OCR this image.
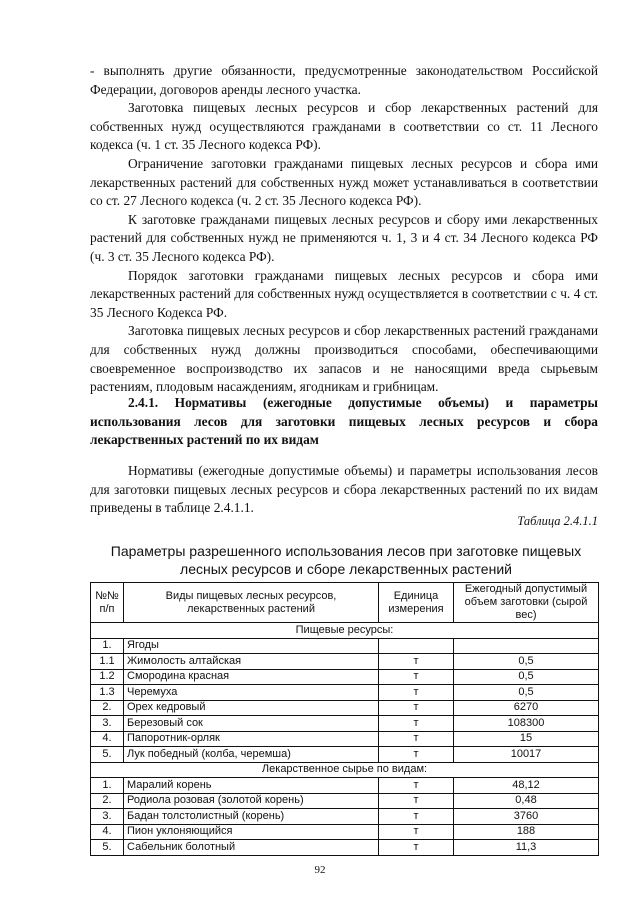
- выполнять другие обязанности, предусмотренные законодательством Российской Федерации, договоров аренды лесного участка.

Заготовка пищевых лесных ресурсов и сбор лекарственных растений для собственных нужд осуществляются гражданами в соответствии со ст. 11 Лесного кодекса (ч. 1 ст. 35 Лесного кодекса РФ).

Ограничение заготовки гражданами пищевых лесных ресурсов и сбора ими лекарственных растений для собственных нужд может устанавливаться в соответствии со ст. 27 Лесного кодекса (ч. 2 ст. 35 Лесного кодекса РФ).

К заготовке гражданами пищевых лесных ресурсов и сбору ими лекарственных растений для собственных нужд не применяются ч. 1, 3 и 4 ст. 34 Лесного кодекса РФ (ч. 3 ст. 35 Лесного кодекса РФ).

Порядок заготовки гражданами пищевых лесных ресурсов и сбора ими лекарственных растений для собственных нужд осуществляется в соответствии с ч. 4 ст. 35 Лесного Кодекса РФ.

Заготовка пищевых лесных ресурсов и сбор лекарственных растений гражданами для собственных нужд должны производиться способами, обеспечивающими своевременное воспроизводство их запасов и не наносящими вреда сырьевым растениям, плодовым насаждениям, ягодникам и грибницам.

2.4.1. Нормативы (ежегодные допустимые объемы) и параметры использования лесов для заготовки пищевых лесных ресурсов и сбора лекарственных растений по их видам

Нормативы (ежегодные допустимые объемы) и параметры использования лесов для заготовки пищевых лесных ресурсов и сбора лекарственных растений по их видам приведены в таблице 2.4.1.1.

Таблица 2.4.1.1
Параметры разрешенного использования лесов при заготовке пищевых лесных ресурсов и сборе лекарственных растений
№№ п/п	Виды пищевых лесных ресурсов, лекарственных растений	Единица измерения	Ежегодный допустимый объем заготовки (сырой вес)
Пищевые ресурсы:			
1.	Ягоды		
1.1	Жимолость алтайская	т	0,5
1.2	Смородина красная	т	0,5
1.3	Черемуха	т	0,5
2.	Орех кедровый	т	6270
3.	Березовый сок	т	108300
4.	Папоротник-орляк	т	15
5.	Лук победный (колба, черемша)	т	10017
Лекарственное сырье по видам:			
1.	Маралий корень	т	48,12
2.	Родиола розовая (золотой корень)	т	0,48
3.	Бадан толстолистный (корень)	т	3760
4.	Пион уклоняющийся	т	188
5.	Сабельник болотный	т	11,3
92
